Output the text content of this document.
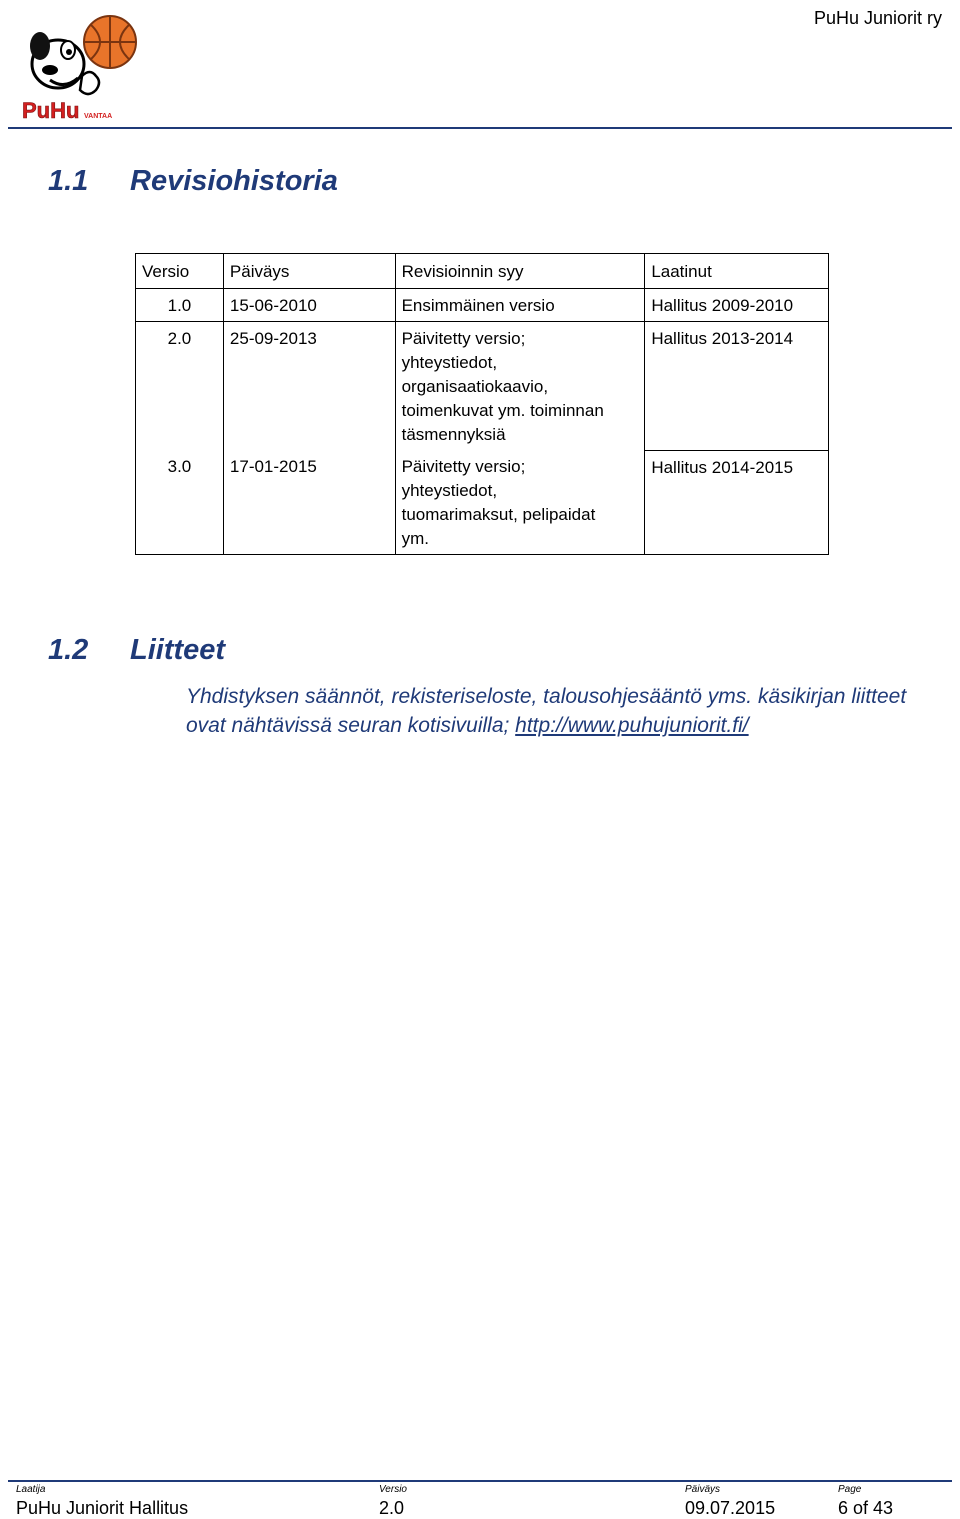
PuHu VANTAA
PuHu Juniorit ry
1.1 Revisiohistoria
Versio	Päiväys	Revisioinnin syy	Laatinut
1.0	15-06-2010	Ensimmäinen versio	Hallitus 2009-2010
2.0	25-09-2013	Päivitetty versio;
yhteystiedot,
organisaatiokaavio,
toimenkuvat ym. toiminnan
täsmennyksiä	Hallitus 2013-2014
3.0	17-01-2015	Päivitetty versio;
yhteystiedot,
tuomarimaksut, pelipaidat
ym.	Hallitus 2014-2015
1.2 Liitteet
Yhdistyksen säännöt, rekisteriseloste, talousohjesääntö yms. käsikirjan liitteet
ovat nähtävissä seuran kotisivuilla; http://www.puhujuniorit.fi/
Laatija
PuHu Juniorit Hallitus
Versio
2.0
Päiväys
09.07.2015
Page
6 of 43
